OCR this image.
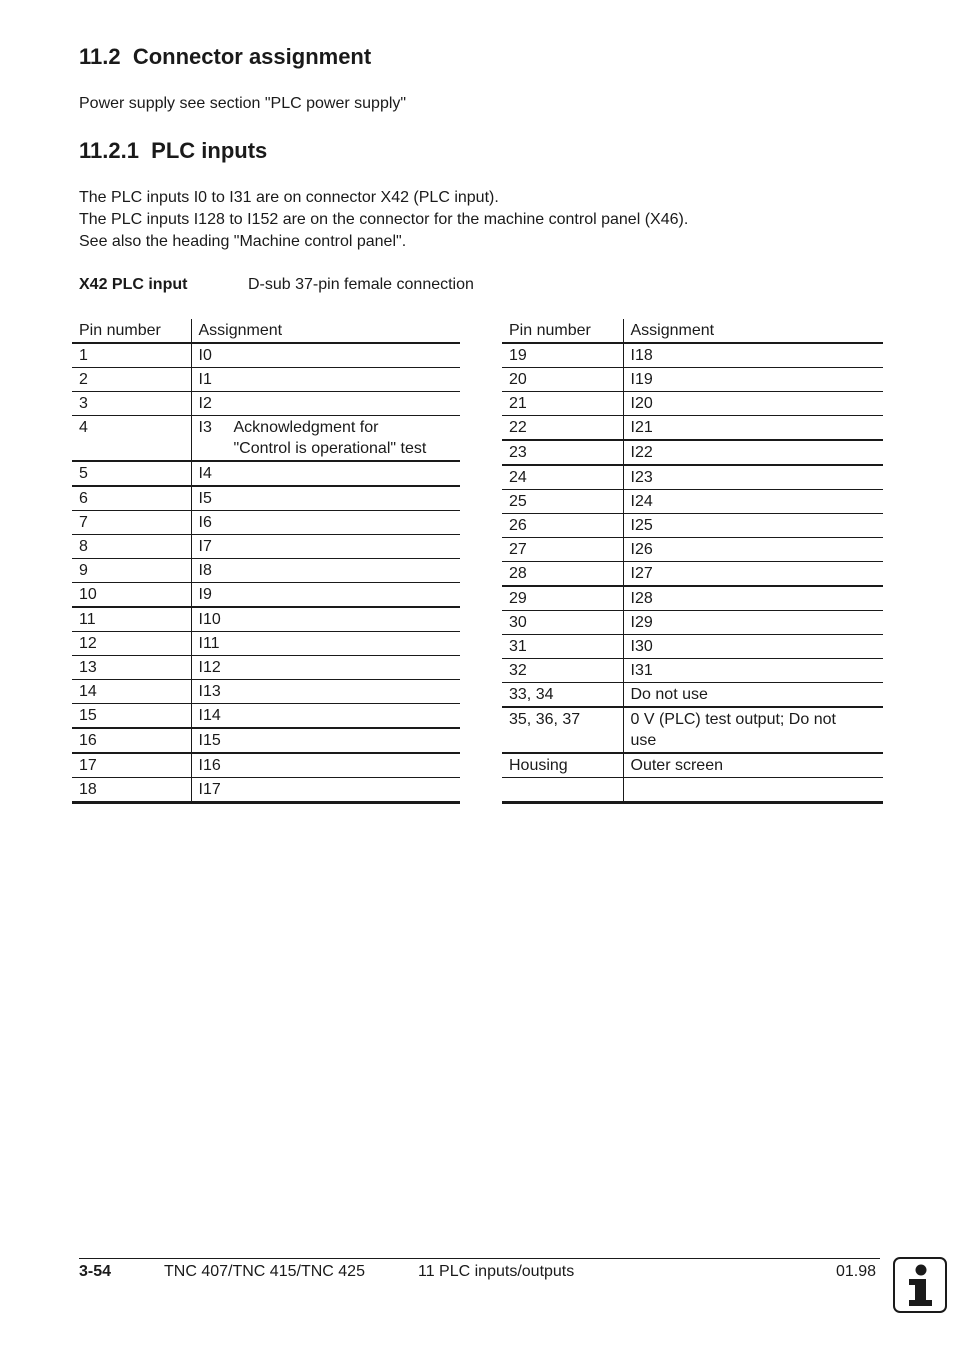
11.2  Connector assignment
Power supply see section "PLC power supply"
11.2.1  PLC inputs
The PLC inputs I0 to I31 are on connector X42 (PLC input).
The PLC inputs I128 to I152 are on the connector for the machine control panel (X46).
See also the heading "Machine control panel".
X42 PLC input	D-sub 37-pin female connection
Pin number	Assignment
1	I0
2	I1
3	I2
4	I3 Acknowledgment for
"Control is operational" test

5	I4
6	I5
7	I6
8	I7
9	I8
10	I9
11	I10
12	I11
13	I12
14	I13
15	I14
16	I15
17	I16
18	I17
Pin number	Assignment
19	I18
20	I19
21	I20
22	I21
23	I22
24	I23
25	I24
26	I25
27	I26
28	I27
29	I28
30	I29
31	I30
32	I31
33, 34	Do not use
35, 36, 37	0 V (PLC) test output; Do not
use

Housing	Outer screen

3-54	TNC 407/TNC 415/TNC 425	11 PLC inputs/outputs	01.98
